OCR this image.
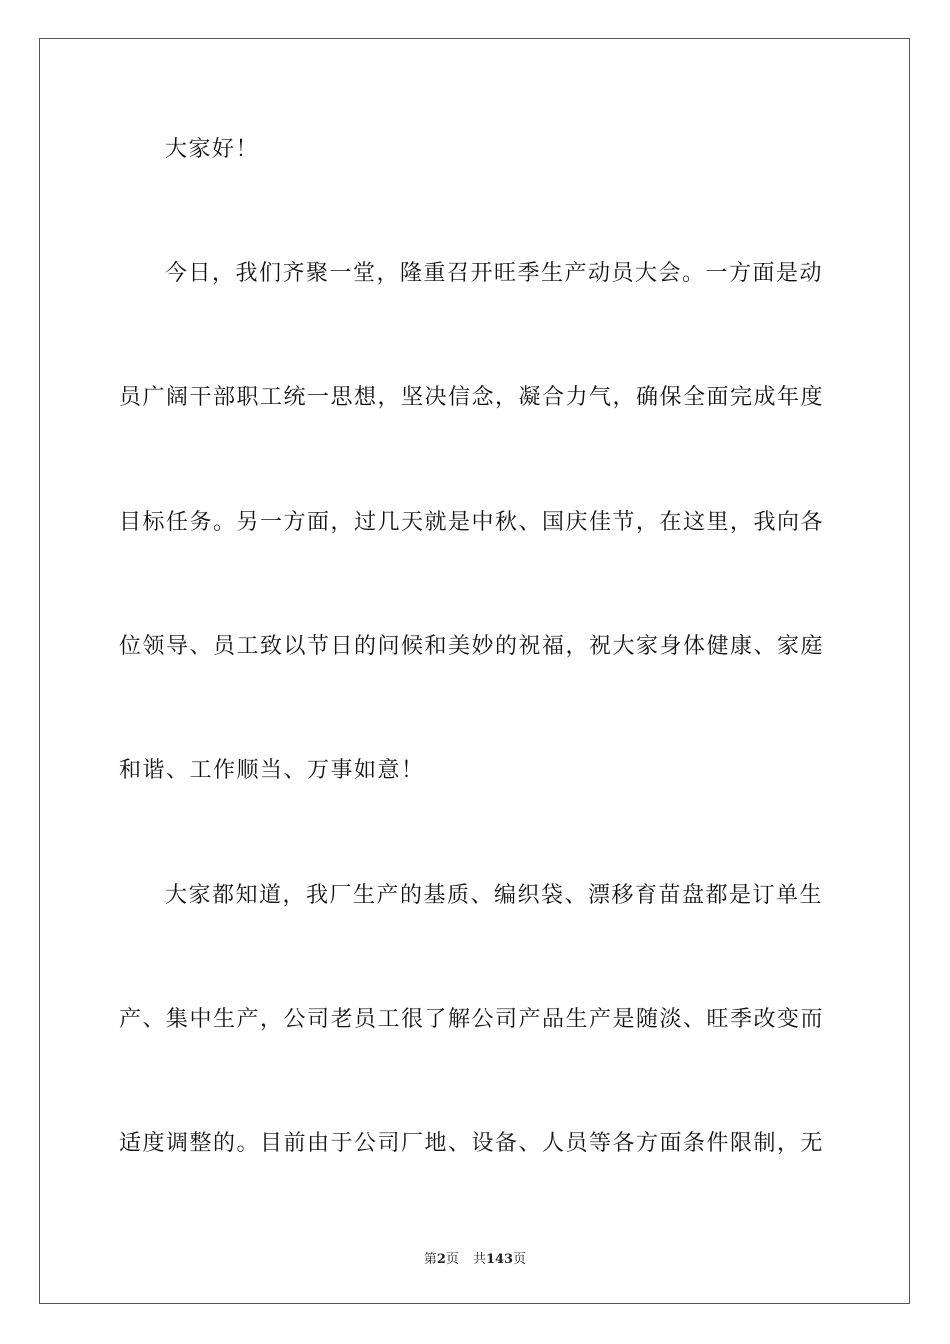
大家好！
今日，我们齐聚一堂，隆重召开旺季生产动员大会。一方面是动
员广阔干部职工统一思想，坚决信念，凝合力气，确保全面完成年度
目标任务。另一方面，过几天就是中秋、国庆佳节，在这里，我向各
位领导、员工致以节日的问候和美妙的祝福，祝大家身体健康、家庭
和谐、工作顺当、万事如意！
大家都知道，我厂生产的基质、编织袋、漂移育苗盘都是订单生
产、集中生产，公司老员工很了解公司产品生产是随淡、旺季改变而
适度调整的。目前由于公司厂地、设备、人员等各方面条件限制，无
第2页 共143页
